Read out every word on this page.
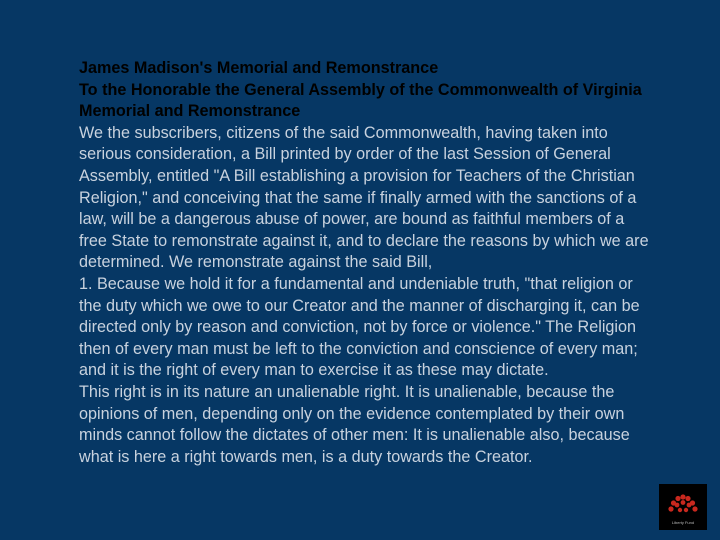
James Madison's Memorial and Remonstrance

To the Honorable the General Assembly of the Commonwealth of Virginia

Memorial and Remonstrance

We the subscribers, citizens of the said Commonwealth, having taken into serious consideration, a Bill printed by order of the last Session of General Assembly, entitled "A Bill establishing a provision for Teachers of the Christian Religion," and conceiving that the same if finally armed with the sanctions of a law, will be a dangerous abuse of power, are bound as faithful members of a free State to remonstrate against it, and to declare the reasons by which we are determined. We remonstrate against the said Bill,

1. Because we hold it for a fundamental and undeniable truth, "that religion or the duty which we owe to our Creator and the manner of discharging it, can be directed only by reason and conviction, not by force or violence." The Religion then of every man must be left to the conviction and conscience of every man; and it is the right of every man to exercise it as these may dictate.

This right is in its nature an unalienable right. It is unalienable, because the opinions of men, depending only on the evidence contemplated by their own minds cannot follow the dictates of other men: It is unalienable also, because what is here a right towards men, is a duty towards the Creator.

Liberty Fund
